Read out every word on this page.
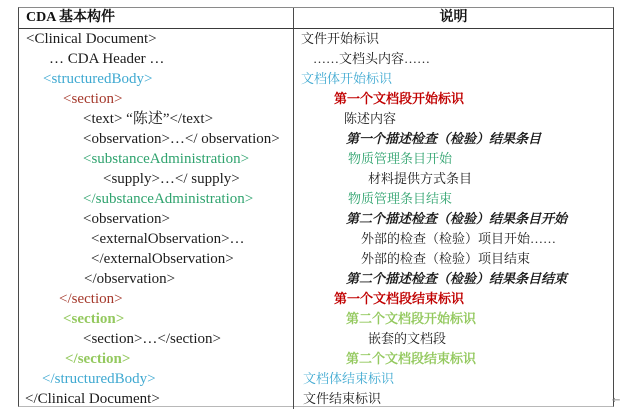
CDA 基本构件	说明
<Clinical Document>	文件开始标识
… CDA Header …	……文档头内容……
<structuredBody>	文档体开始标识
<section>	第一个文档段开始标识
<text> “陈述”</text>	陈述内容
<observation>…</ observation>	第一个描述检查（检验）结果条目
<substanceAdministration>	物质管理条目开始
<supply>…</ supply>	材料提供方式条目
</substanceAdministration>	物质管理条目结束
<observation>	第二个描述检查（检验）结果条目开始
<externalObservation>…	外部的检查（检验）项目开始……
</externalObservation>	外部的检查（检验）项目结束
</observation>	第二个描述检查（检验）结果条目结束
</section>	第一个文档段结束标识
<section>	第二个文档段开始标识
<section>…</section>	嵌套的文档段
</section>	第二个文档段结束标识
</structuredBody>	文档体结束标识
</Clinical Document>	文件结束标识	←
